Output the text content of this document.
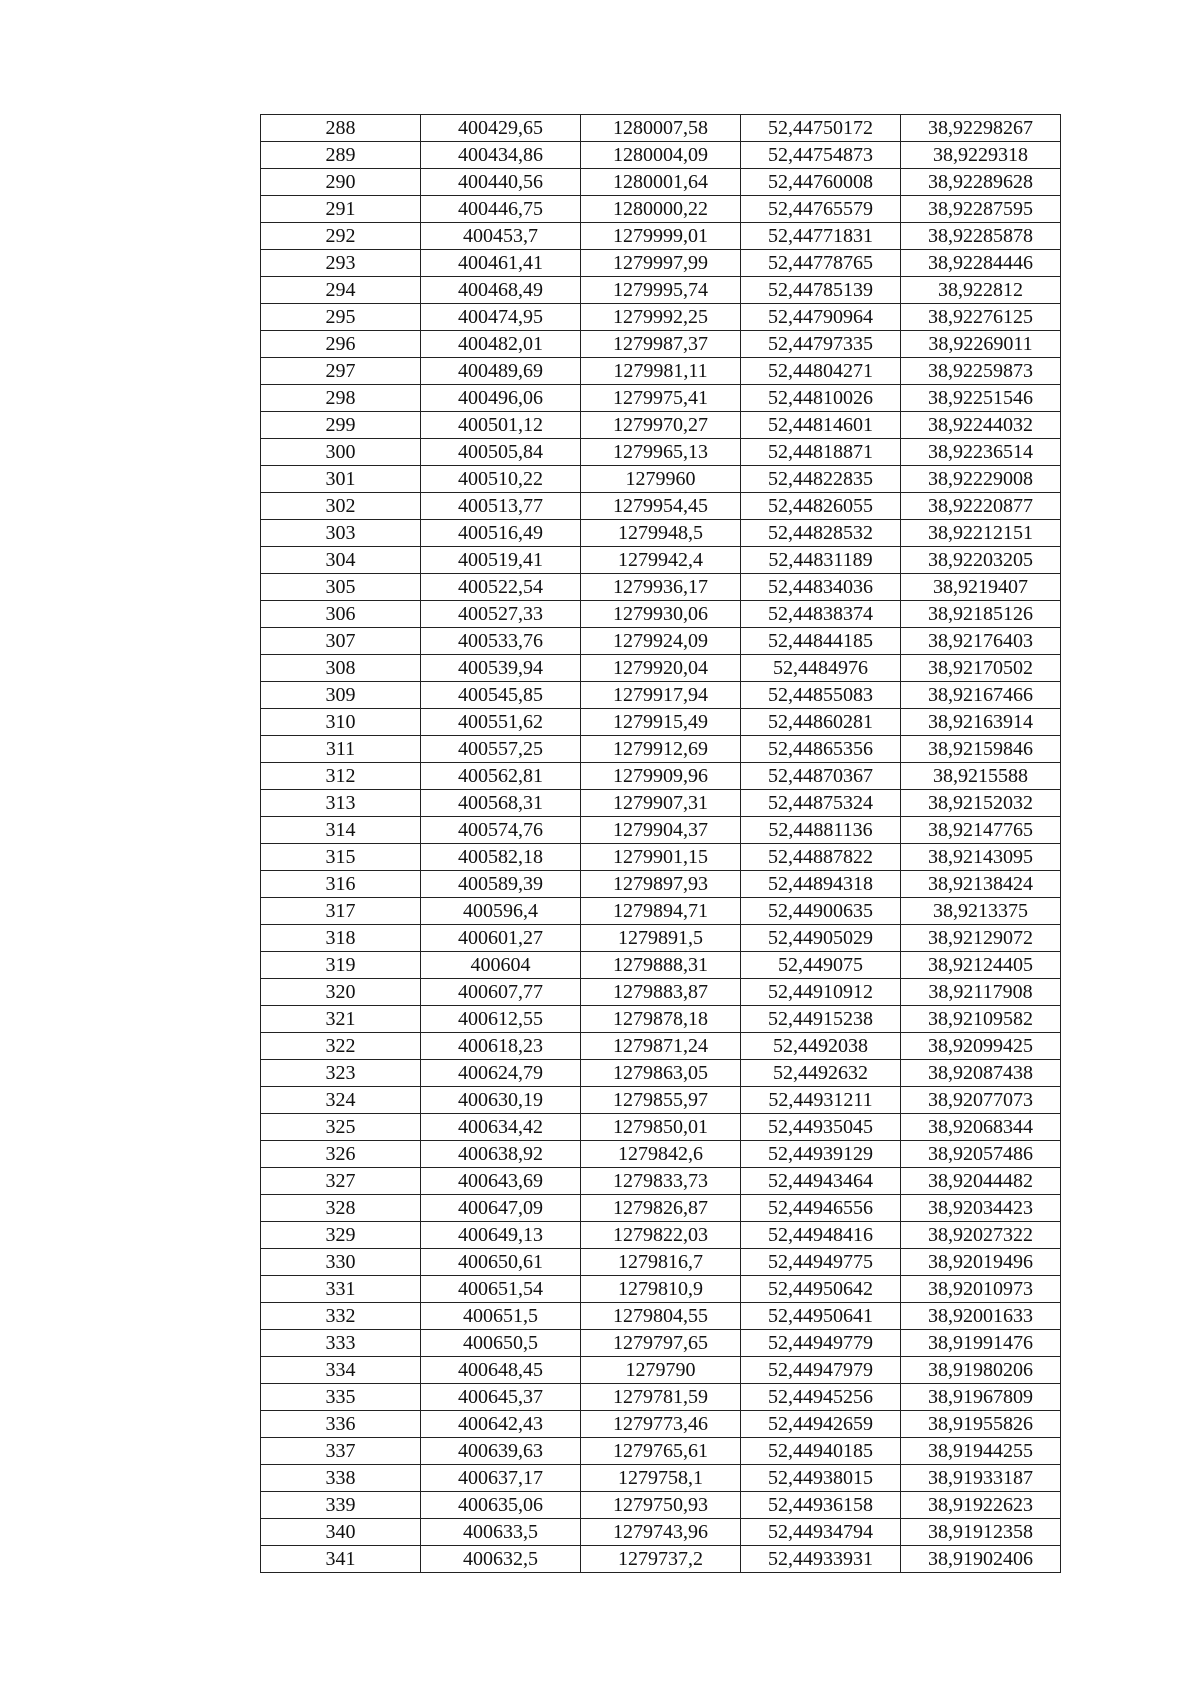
288	400429,65	1280007,58	52,44750172	38,92298267
289	400434,86	1280004,09	52,44754873	38,9229318
290	400440,56	1280001,64	52,44760008	38,92289628
291	400446,75	1280000,22	52,44765579	38,92287595
292	400453,7	1279999,01	52,44771831	38,92285878
293	400461,41	1279997,99	52,44778765	38,92284446
294	400468,49	1279995,74	52,44785139	38,922812
295	400474,95	1279992,25	52,44790964	38,92276125
296	400482,01	1279987,37	52,44797335	38,92269011
297	400489,69	1279981,11	52,44804271	38,92259873
298	400496,06	1279975,41	52,44810026	38,92251546
299	400501,12	1279970,27	52,44814601	38,92244032
300	400505,84	1279965,13	52,44818871	38,92236514
301	400510,22	1279960	52,44822835	38,92229008
302	400513,77	1279954,45	52,44826055	38,92220877
303	400516,49	1279948,5	52,44828532	38,92212151
304	400519,41	1279942,4	52,44831189	38,92203205
305	400522,54	1279936,17	52,44834036	38,9219407
306	400527,33	1279930,06	52,44838374	38,92185126
307	400533,76	1279924,09	52,44844185	38,92176403
308	400539,94	1279920,04	52,4484976	38,92170502
309	400545,85	1279917,94	52,44855083	38,92167466
310	400551,62	1279915,49	52,44860281	38,92163914
311	400557,25	1279912,69	52,44865356	38,92159846
312	400562,81	1279909,96	52,44870367	38,9215588
313	400568,31	1279907,31	52,44875324	38,92152032
314	400574,76	1279904,37	52,44881136	38,92147765
315	400582,18	1279901,15	52,44887822	38,92143095
316	400589,39	1279897,93	52,44894318	38,92138424
317	400596,4	1279894,71	52,44900635	38,9213375
318	400601,27	1279891,5	52,44905029	38,92129072
319	400604	1279888,31	52,449075	38,92124405
320	400607,77	1279883,87	52,44910912	38,92117908
321	400612,55	1279878,18	52,44915238	38,92109582
322	400618,23	1279871,24	52,4492038	38,92099425
323	400624,79	1279863,05	52,4492632	38,92087438
324	400630,19	1279855,97	52,44931211	38,92077073
325	400634,42	1279850,01	52,44935045	38,92068344
326	400638,92	1279842,6	52,44939129	38,92057486
327	400643,69	1279833,73	52,44943464	38,92044482
328	400647,09	1279826,87	52,44946556	38,92034423
329	400649,13	1279822,03	52,44948416	38,92027322
330	400650,61	1279816,7	52,44949775	38,92019496
331	400651,54	1279810,9	52,44950642	38,92010973
332	400651,5	1279804,55	52,44950641	38,92001633
333	400650,5	1279797,65	52,44949779	38,91991476
334	400648,45	1279790	52,44947979	38,91980206
335	400645,37	1279781,59	52,44945256	38,91967809
336	400642,43	1279773,46	52,44942659	38,91955826
337	400639,63	1279765,61	52,44940185	38,91944255
338	400637,17	1279758,1	52,44938015	38,91933187
339	400635,06	1279750,93	52,44936158	38,91922623
340	400633,5	1279743,96	52,44934794	38,91912358
341	400632,5	1279737,2	52,44933931	38,91902406
